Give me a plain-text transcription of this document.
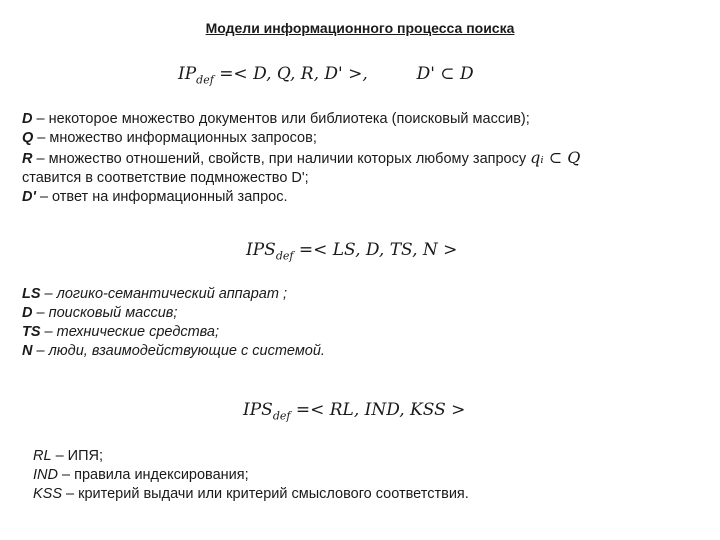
Модели информационного процесса поиска
$IP_{def} =< D$, Q, R, D' >,	D' ⊂ D
D – некоторое множество документов или библиотека (поисковый массив);
Q – множество информационных запросов;
R – множество отношений, свойств, при наличии которых любому запросу qᵢ ⊂ Q
ставится в соответствие подмножество D';
D' – ответ на информационный запрос.
$IPS_{def}$ =< LS, D, TS, N >
LS – логико-семантический аппарат ;
D – поисковый массив;
TS – технические средства;
N – люди, взаимодействующие с системой.
$IPS_{def}$ =< RL, IND, KSS >
RL – ИПЯ;
IND – правила индексирования;
KSS – критерий выдачи или критерий смыслового соответствия.
